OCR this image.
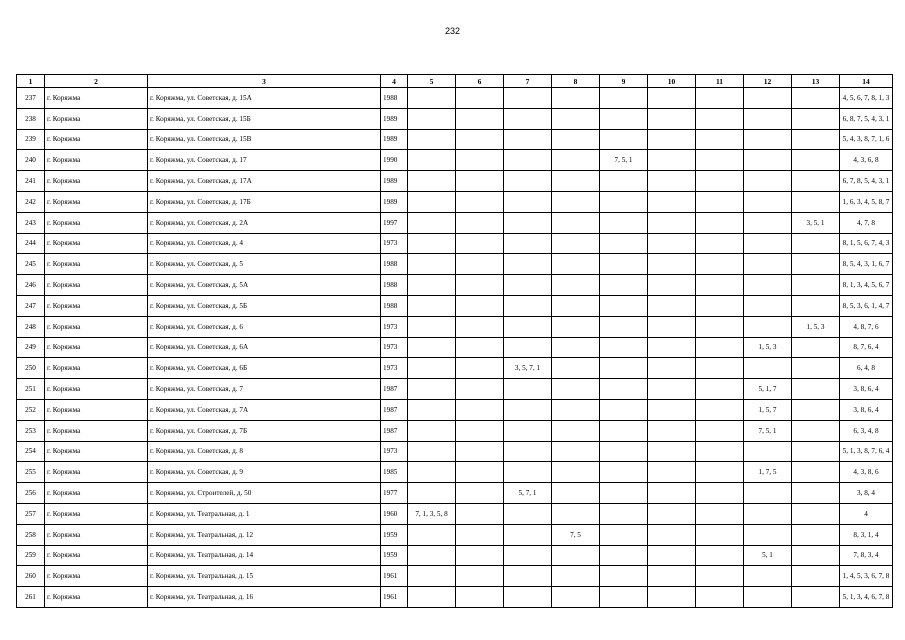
232
1	2	3	4	5	6	7	8	9	10	11	12	13	14
237	г. Коряжма	г. Коряжма, ул. Советская, д. 15А	1988										4, 5, 6, 7, 8, 1, 3
238	г. Коряжма	г. Коряжма, ул. Советская, д. 15Б	1989										6, 8, 7, 5, 4, 3, 1
239	г. Коряжма	г. Коряжма, ул. Советская, д. 15В	1989										5, 4, 3, 8, 7, 1, 6
240	г. Коряжма	г. Коряжма, ул. Советская, д. 17	1990					7, 5, 1					4, 3, 6, 8
241	г. Коряжма	г. Коряжма, ул. Советская, д. 17А	1989										6, 7, 8, 5, 4, 3, 1
242	г. Коряжма	г. Коряжма, ул. Советская, д. 17Б	1989										1, 6, 3, 4, 5, 8, 7
243	г. Коряжма	г. Коряжма, ул. Советская, д. 2А	1997									3, 5, 1	4, 7, 8
244	г. Коряжма	г. Коряжма, ул. Советская, д. 4	1973										8, 1, 5, 6, 7, 4, 3
245	г. Коряжма	г. Коряжма, ул. Советская, д. 5	1988										8, 5, 4, 3, 1, 6, 7
246	г. Коряжма	г. Коряжма, ул. Советская, д. 5А	1988										8, 1, 3, 4, 5, 6, 7
247	г. Коряжма	г. Коряжма, ул. Советская, д. 5Б	1988										8, 5, 3, 6, 1, 4, 7
248	г. Коряжма	г. Коряжма, ул. Советская, д. 6	1973									1, 5, 3	4, 8, 7, 6
249	г. Коряжма	г. Коряжма, ул. Советская, д. 6А	1973								1, 5, 3		8, 7, 6, 4
250	г. Коряжма	г. Коряжма, ул. Советская, д. 6Б	1973			3, 5, 7, 1							6, 4, 8
251	г. Коряжма	г. Коряжма, ул. Советская, д. 7	1987								5, 1, 7		3, 8, 6, 4
252	г. Коряжма	г. Коряжма, ул. Советская, д. 7А	1987								1, 5, 7		3, 8, 6, 4
253	г. Коряжма	г. Коряжма, ул. Советская, д. 7Б	1987								7, 5, 1		6, 3, 4, 8
254	г. Коряжма	г. Коряжма, ул. Советская, д. 8	1973										5, 1, 3, 8, 7, 6, 4
255	г. Коряжма	г. Коряжма, ул. Советская, д. 9	1985								1, 7, 5		4, 3, 8, 6
256	г. Коряжма	г. Коряжма, ул. Строителей, д. 50	1977			5, 7, 1							3, 8, 4
257	г. Коряжма	г. Коряжма, ул. Театральная, д. 1	1960	7, 1, 3, 5, 8									4
258	г. Коряжма	г. Коряжма, ул. Театральная, д. 12	1959				7, 5						8, 3, 1, 4
259	г. Коряжма	г. Коряжма, ул. Театральная, д. 14	1959								5, 1		7, 8, 3, 4
260	г. Коряжма	г. Коряжма, ул. Театральная, д. 15	1961										1, 4, 5, 3, 6, 7, 8
261	г. Коряжма	г. Коряжма, ул. Театральная, д. 16	1961										5, 1, 3, 4, 6, 7, 8
